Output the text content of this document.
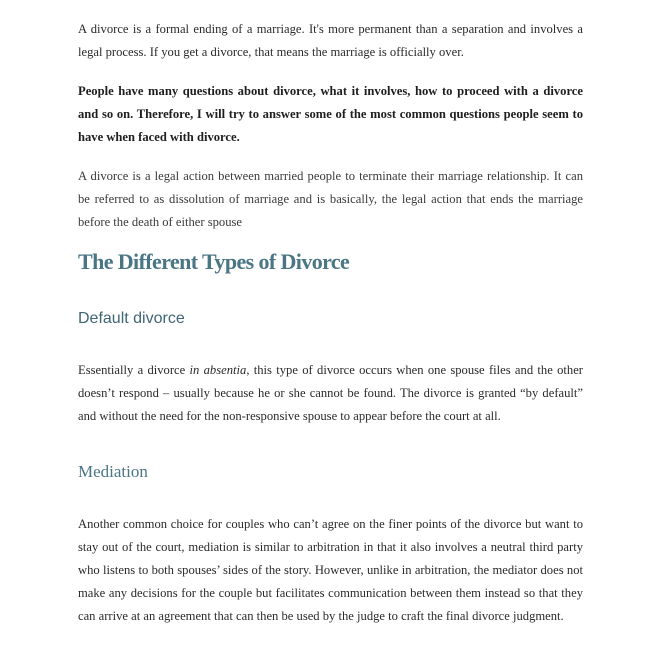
A divorce is a formal ending of a marriage. It's more permanent than a separation and involves a legal process. If you get a divorce, that means the marriage is officially over.

People have many questions about divorce, what it involves, how to proceed with a divorce and so on. Therefore, I will try to answer some of the most common questions people seem to have when faced with divorce.

A divorce is a legal action between married people to terminate their marriage relationship. It can be referred to as dissolution of marriage and is basically, the legal action that ends the marriage before the death of either spouse

The Different Types of Divorce
Default divorce

Essentially a divorce in absentia, this type of divorce occurs when one spouse files and the other doesn’t respond – usually because he or she cannot be found. The divorce is granted “by default” and without the need for the non-responsive spouse to appear before the court at all.

Mediation

Another common choice for couples who can’t agree on the finer points of the divorce but want to stay out of the court, mediation is similar to arbitration in that it also involves a neutral third party who listens to both spouses’ sides of the story. However, unlike in arbitration, the mediator does not make any decisions for the couple but facilitates communication between them instead so that they can arrive at an agreement that can then be used by the judge to craft the final divorce judgment.
